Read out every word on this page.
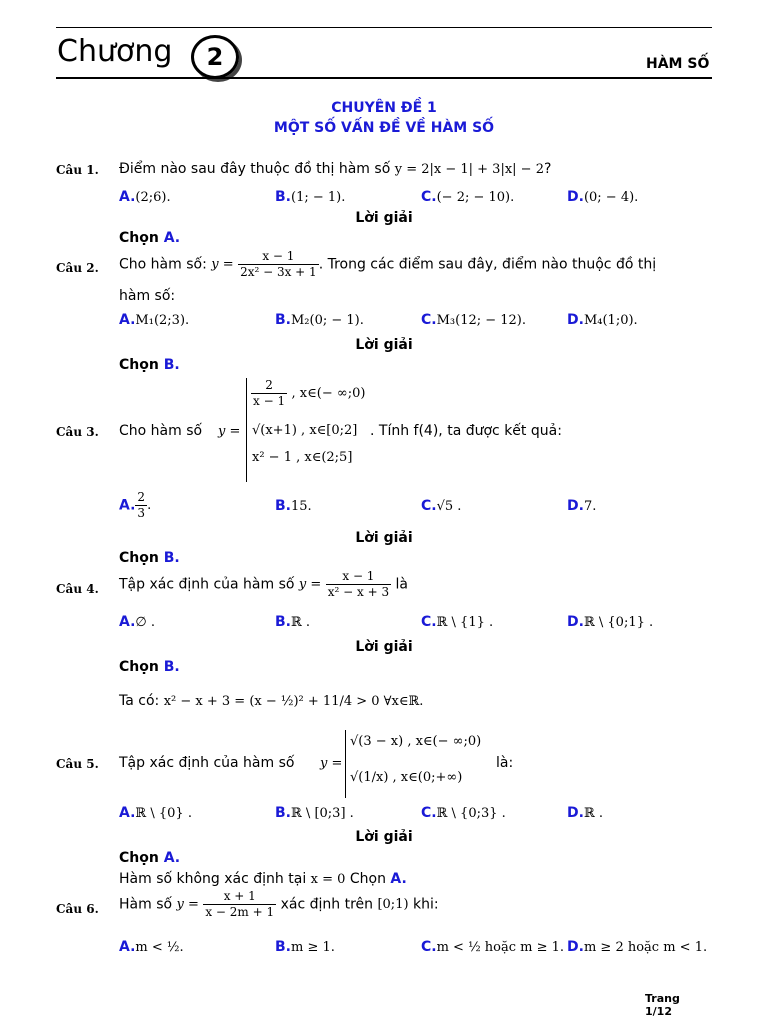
Chương	2	HÀM SỐ
CHUYÊN ĐỀ 1
MỘT SỐ VẤN ĐỀ VỀ HÀM SỐ
Câu 1. Điểm nào sau đây thuộc đồ thị hàm số y = 2|x − 1| + 3|x| − 2?
A.(2;6).	B.(1; − 1).	C.(− 2; − 10).	D.(0; − 4).
Lời giải
Chọn A.
Câu 2. Cho hàm số: $y = \frac{x - 1}{\text{2x² − 3x + 1}}$ . Trong các điểm sau đây, điểm nào thuộc đồ thị
hàm số:
A.M₁(2;3).	B.M₂(0; − 1).	C.M₃(12; − 12).	D.M₄(1;0).
Lời giải
Chọn B.
Câu 3. Cho hàm số y =
$\frac{2}{x - 1}$ , x∈(− ∞;0)
√(x+1) , x∈[0;2]
x² − 1 , x∈(2;5]
. Tính f(4), ta được kết quả:
A. $\frac{2}{3}$ .	B.15.	C.√5 .	D.7.
Lời giải
Chọn B.
Câu 4. Tập xác định của hàm số $y = \frac{x - 1}{\text{x² − x + 3}}$ là
A.∅ .	B.ℝ .	C.ℝ \ {1} .	D.ℝ \ {0;1} .
Lời giải
Chọn B.
Ta có: x² − x + 3 = (x − ½)² + 11/4 > 0 ∀x∈ℝ.
Câu 5. Tập xác định của hàm số y =
√(3 − x) , x∈(− ∞;0)
√(1/x) , x∈(0;+∞)
là:
A.ℝ \ {0} .	B.ℝ \ [0;3] .	C.ℝ \ {0;3} .	D.ℝ .
Lời giải
Chọn A.
Hàm số không xác định tại x = 0 Chọn A.
Câu 6. Hàm số $y = \frac{x + 1}{x - 2m + 1}$ xác định trên [0;1) khi:
A.m < ½.	B.m ≥ 1.	C.m < ½ hoặc m ≥ 1. D.m ≥ 2 hoặc m < 1.
Trang
1/12
